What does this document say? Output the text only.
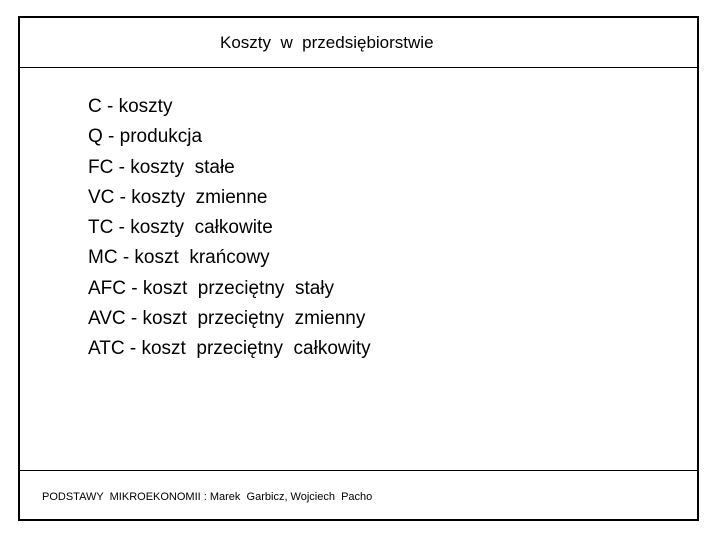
Koszty  w  przedsiębiorstwie
C - koszty
Q - produkcja
FC - koszty  stałe
VC - koszty  zmienne
TC - koszty  całkowite
MC - koszt  krańcowy
AFC - koszt  przeciętny  stały
AVC - koszt  przeciętny  zmienny
ATC - koszt  przeciętny  całkowity
PODSTAWY  MIKROEKONOMII : Marek  Garbicz, Wojciech  Pacho
